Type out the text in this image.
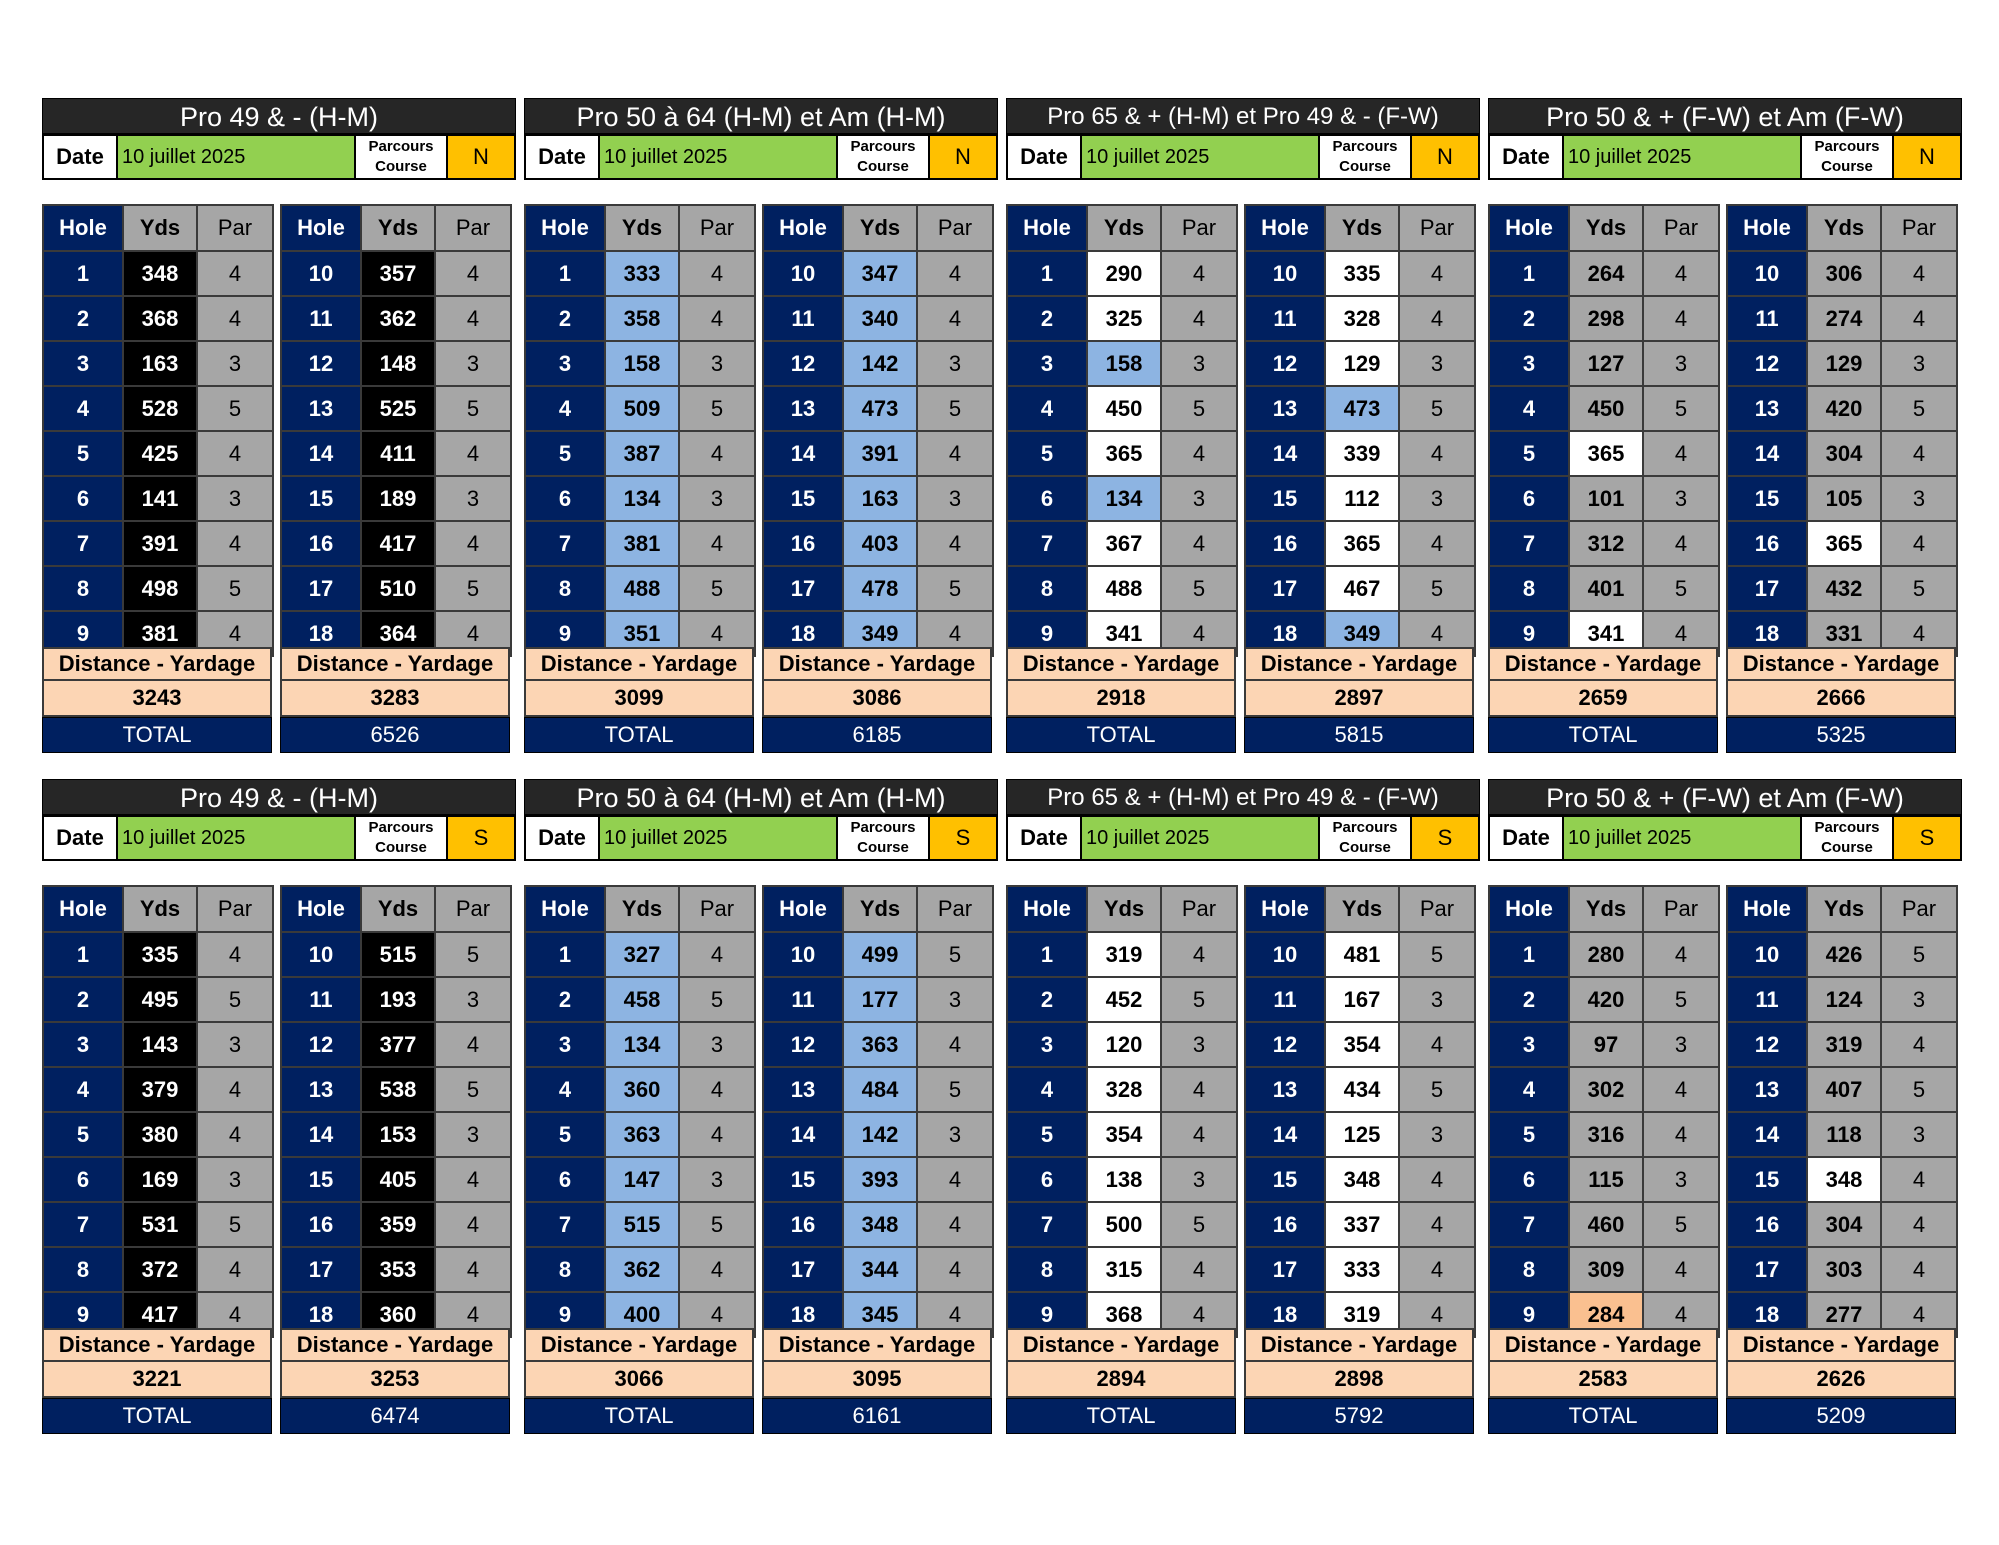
Pro 49 & - (H-M)
Date 10 juillet 2025	Parcours
Course	N
Hole	Yds	Par
1	348	4
2	368	4
3	163	3
4	528	5
5	425	4
6	141	3
7	391	4
8	498	5
9	381	4
Distance - Yardage
3243
TOTAL
Hole	Yds	Par
10	357	4
11	362	4
12	148	3
13	525	5
14	411	4
15	189	3
16	417	4
17	510	5
18	364	4
Distance - Yardage
3283
6526
Pro 50 à 64 (H-M) et Am (H-M)
Date 10 juillet 2025	Parcours
Course	N
Hole	Yds	Par
1	333	4
2	358	4
3	158	3
4	509	5
5	387	4
6	134	3
7	381	4
8	488	5
9	351	4
Distance - Yardage
3099
TOTAL
Hole	Yds	Par
10	347	4
11	340	4
12	142	3
13	473	5
14	391	4
15	163	3
16	403	4
17	478	5
18	349	4
Distance - Yardage
3086
6185
Pro 65 & + (H-M) et Pro 49 & - (F-W)
Date 10 juillet 2025	Parcours
Course	N
Hole	Yds	Par
1	290	4
2	325	4
3	158	3
4	450	5
5	365	4
6	134	3
7	367	4
8	488	5
9	341	4
Distance - Yardage
2918
TOTAL
Hole	Yds	Par
10	335	4
11	328	4
12	129	3
13	473	5
14	339	4
15	112	3
16	365	4
17	467	5
18	349	4
Distance - Yardage
2897
5815
Pro 50 & + (F-W) et Am (F-W)
Date 10 juillet 2025	Parcours
Course	N
Hole	Yds	Par
1	264	4
2	298	4
3	127	3
4	450	5
5	365	4
6	101	3
7	312	4
8	401	5
9	341	4
Distance - Yardage
2659
TOTAL
Hole	Yds	Par
10	306	4
11	274	4
12	129	3
13	420	5
14	304	4
15	105	3
16	365	4
17	432	5
18	331	4
Distance - Yardage
2666
5325
Pro 49 & - (H-M)
Date 10 juillet 2025	Parcours
Course	S
Hole	Yds	Par
1	335	4
2	495	5
3	143	3
4	379	4
5	380	4
6	169	3
7	531	5
8	372	4
9	417	4
Distance - Yardage
3221
TOTAL
Hole	Yds	Par
10	515	5
11	193	3
12	377	4
13	538	5
14	153	3
15	405	4
16	359	4
17	353	4
18	360	4
Distance - Yardage
3253
6474
Pro 50 à 64 (H-M) et Am (H-M)
Date 10 juillet 2025	Parcours
Course	S
Hole	Yds	Par
1	327	4
2	458	5
3	134	3
4	360	4
5	363	4
6	147	3
7	515	5
8	362	4
9	400	4
Distance - Yardage
3066
TOTAL
Hole	Yds	Par
10	499	5
11	177	3
12	363	4
13	484	5
14	142	3
15	393	4
16	348	4
17	344	4
18	345	4
Distance - Yardage
3095
6161
Pro 65 & + (H-M) et Pro 49 & - (F-W)
Date 10 juillet 2025	Parcours
Course	S
Hole	Yds	Par
1	319	4
2	452	5
3	120	3
4	328	4
5	354	4
6	138	3
7	500	5
8	315	4
9	368	4
Distance - Yardage
2894
TOTAL
Hole	Yds	Par
10	481	5
11	167	3
12	354	4
13	434	5
14	125	3
15	348	4
16	337	4
17	333	4
18	319	4
Distance - Yardage
2898
5792
Pro 50 & + (F-W) et Am (F-W)
Date 10 juillet 2025	Parcours
Course	S
Hole	Yds	Par
1	280	4
2	420	5
3	97	3
4	302	4
5	316	4
6	115	3
7	460	5
8	309	4
9	284	4
Distance - Yardage
2583
TOTAL
Hole	Yds	Par
10	426	5
11	124	3
12	319	4
13	407	5
14	118	3
15	348	4
16	304	4
17	303	4
18	277	4
Distance - Yardage
2626
5209
